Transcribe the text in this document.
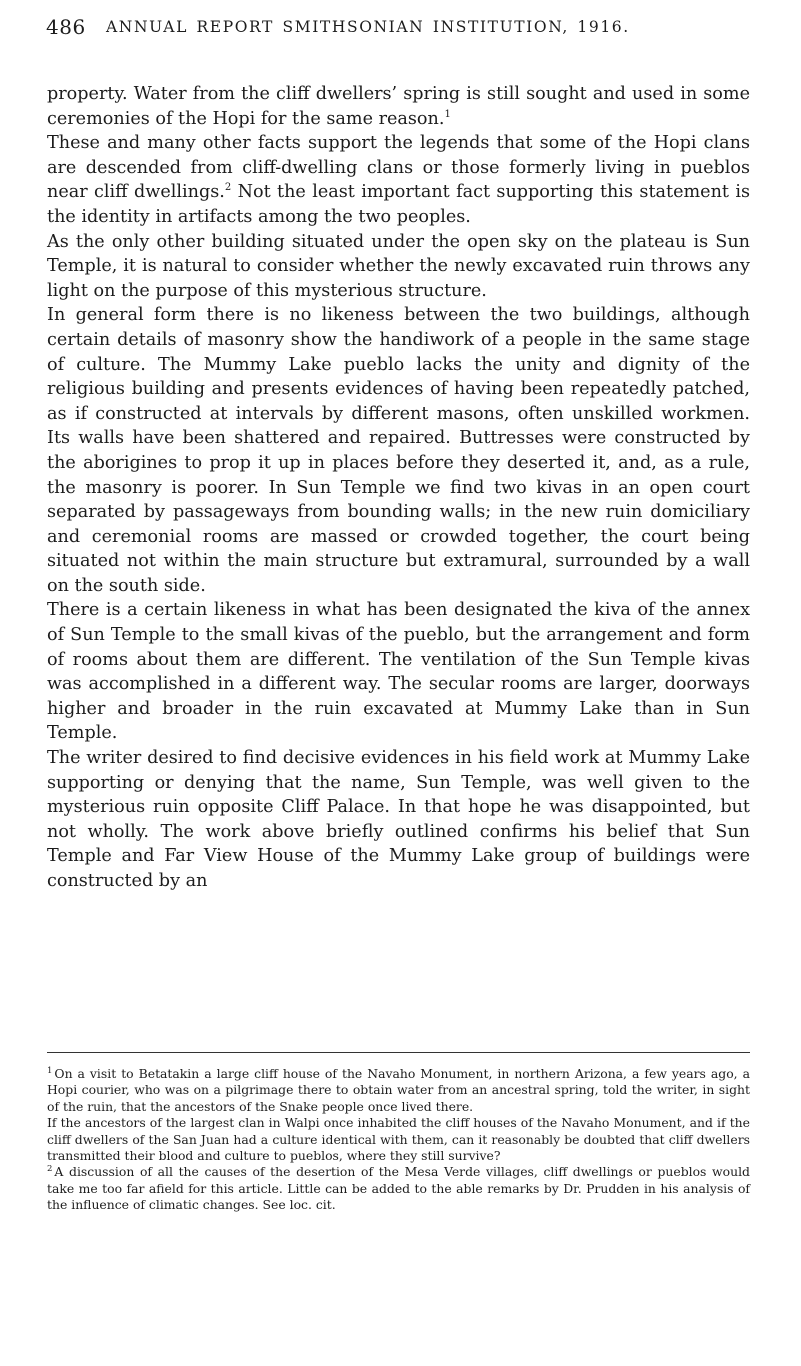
486 ANNUAL REPORT SMITHSONIAN INSTITUTION, 1916.

property. Water from the cliff dwellers’ spring is still sought and used in some ceremonies of the Hopi for the same reason.$^1$

These and many other facts support the legends that some of the Hopi clans are descended from cliff-dwelling clans or those formerly living in pueblos near cliff dwellings.$^2$ Not the least important fact supporting this statement is the identity in artifacts among the two peoples.

As the only other building situated under the open sky on the plateau is Sun Temple, it is natural to consider whether the newly excavated ruin throws any light on the purpose of this mysterious structure.

In general form there is no likeness between the two buildings, although certain details of masonry show the handiwork of a people in the same stage of culture. The Mummy Lake pueblo lacks the unity and dignity of the religious building and presents evidences of having been repeatedly patched, as if constructed at intervals by different masons, often unskilled workmen. Its walls have been shattered and repaired. Buttresses were constructed by the aborigines to prop it up in places before they deserted it, and, as a rule, the masonry is poorer. In Sun Temple we find two kivas in an open court separated by passageways from bounding walls; in the new ruin domiciliary and ceremonial rooms are massed or crowded together, the court being situated not within the main structure but extramural, surrounded by a wall on the south side.

There is a certain likeness in what has been designated the kiva of the annex of Sun Temple to the small kivas of the pueblo, but the arrangement and form of rooms about them are different. The ventilation of the Sun Temple kivas was accomplished in a different way. The secular rooms are larger, doorways higher and broader in the ruin excavated at Mummy Lake than in Sun Temple.

The writer desired to find decisive evidences in his field work at Mummy Lake supporting or denying that the name, Sun Temple, was well given to the mysterious ruin opposite Cliff Palace. In that hope he was disappointed, but not wholly. The work above briefly outlined confirms his belief that Sun Temple and Far View House of the Mummy Lake group of buildings were constructed by an

$^1$ On a visit to Betatakin a large cliff house of the Navaho Monument, in northern Arizona, a few years ago, a Hopi courier, who was on a pilgrimage there to obtain water from an ancestral spring, told the writer, in sight of the ruin, that the ancestors of the Snake people once lived there.

If the ancestors of the largest clan in Walpi once inhabited the cliff houses of the Navaho Monument, and if the cliff dwellers of the San Juan had a culture identical with them, can it reasonably be doubted that cliff dwellers transmitted their blood and culture to pueblos, where they still survive?

$^2$ A discussion of all the causes of the desertion of the Mesa Verde villages, cliff dwellings or pueblos would take me too far afield for this article. Little can be added to the able remarks by Dr. Prudden in his analysis of the influence of climatic changes. See loc. cit.
